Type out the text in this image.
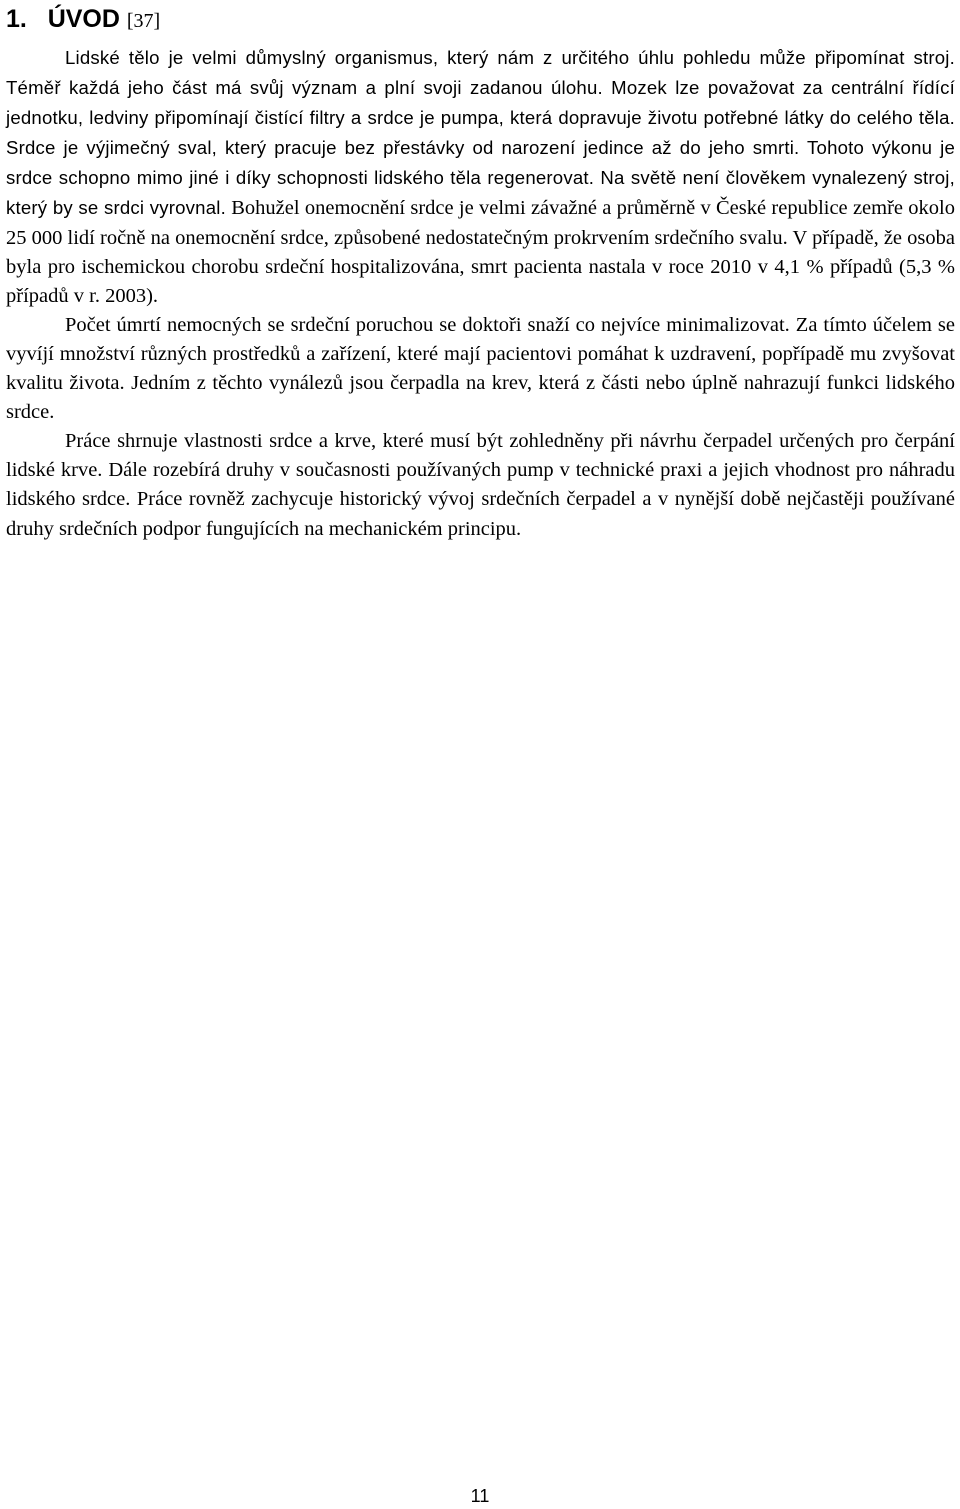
1. ÚVOD [37]

Lidské tělo je velmi důmyslný organismus, který nám z určitého úhlu pohledu může připomínat stroj. Téměř každá jeho část má svůj význam a plní svoji zadanou úlohu. Mozek lze považovat za centrální řídící jednotku, ledviny připomínají čistící filtry a srdce je pumpa, která dopravuje životu potřebné látky do celého těla. Srdce je výjimečný sval, který pracuje bez přestávky od narození jedince až do jeho smrti. Tohoto výkonu je srdce schopno mimo jiné i díky schopnosti lidského těla regenerovat. Na světě není člověkem vynalezený stroj, který by se srdci vyrovnal. Bohužel onemocnění srdce je velmi závažné a průměrně v České republice zemře okolo 25 000 lidí ročně na onemocnění srdce, způsobené nedostatečným prokrvením srdečního svalu. V případě, že osoba byla pro ischemickou chorobu srdeční hospitalizována, smrt pacienta nastala v roce 2010 v 4,1 % případů (5,3 % případů v r. 2003).

Počet úmrtí nemocných se srdeční poruchou se doktoři snaží co nejvíce minimalizovat. Za tímto účelem se vyvíjí množství různých prostředků a zařízení, které mají pacientovi pomáhat k uzdravení, popřípadě mu zvyšovat kvalitu života. Jedním z těchto vynálezů jsou čerpadla na krev, která z části nebo úplně nahrazují funkci lidského srdce.

Práce shrnuje vlastnosti srdce a krve, které musí být zohledněny při návrhu čerpadel určených pro čerpání lidské krve. Dále rozebírá druhy v současnosti používaných pump v technické praxi a jejich vhodnost pro náhradu lidského srdce. Práce rovněž zachycuje historický vývoj srdečních čerpadel a v nynější době nejčastěji používané druhy srdečních podpor fungujících na mechanickém principu.

11
